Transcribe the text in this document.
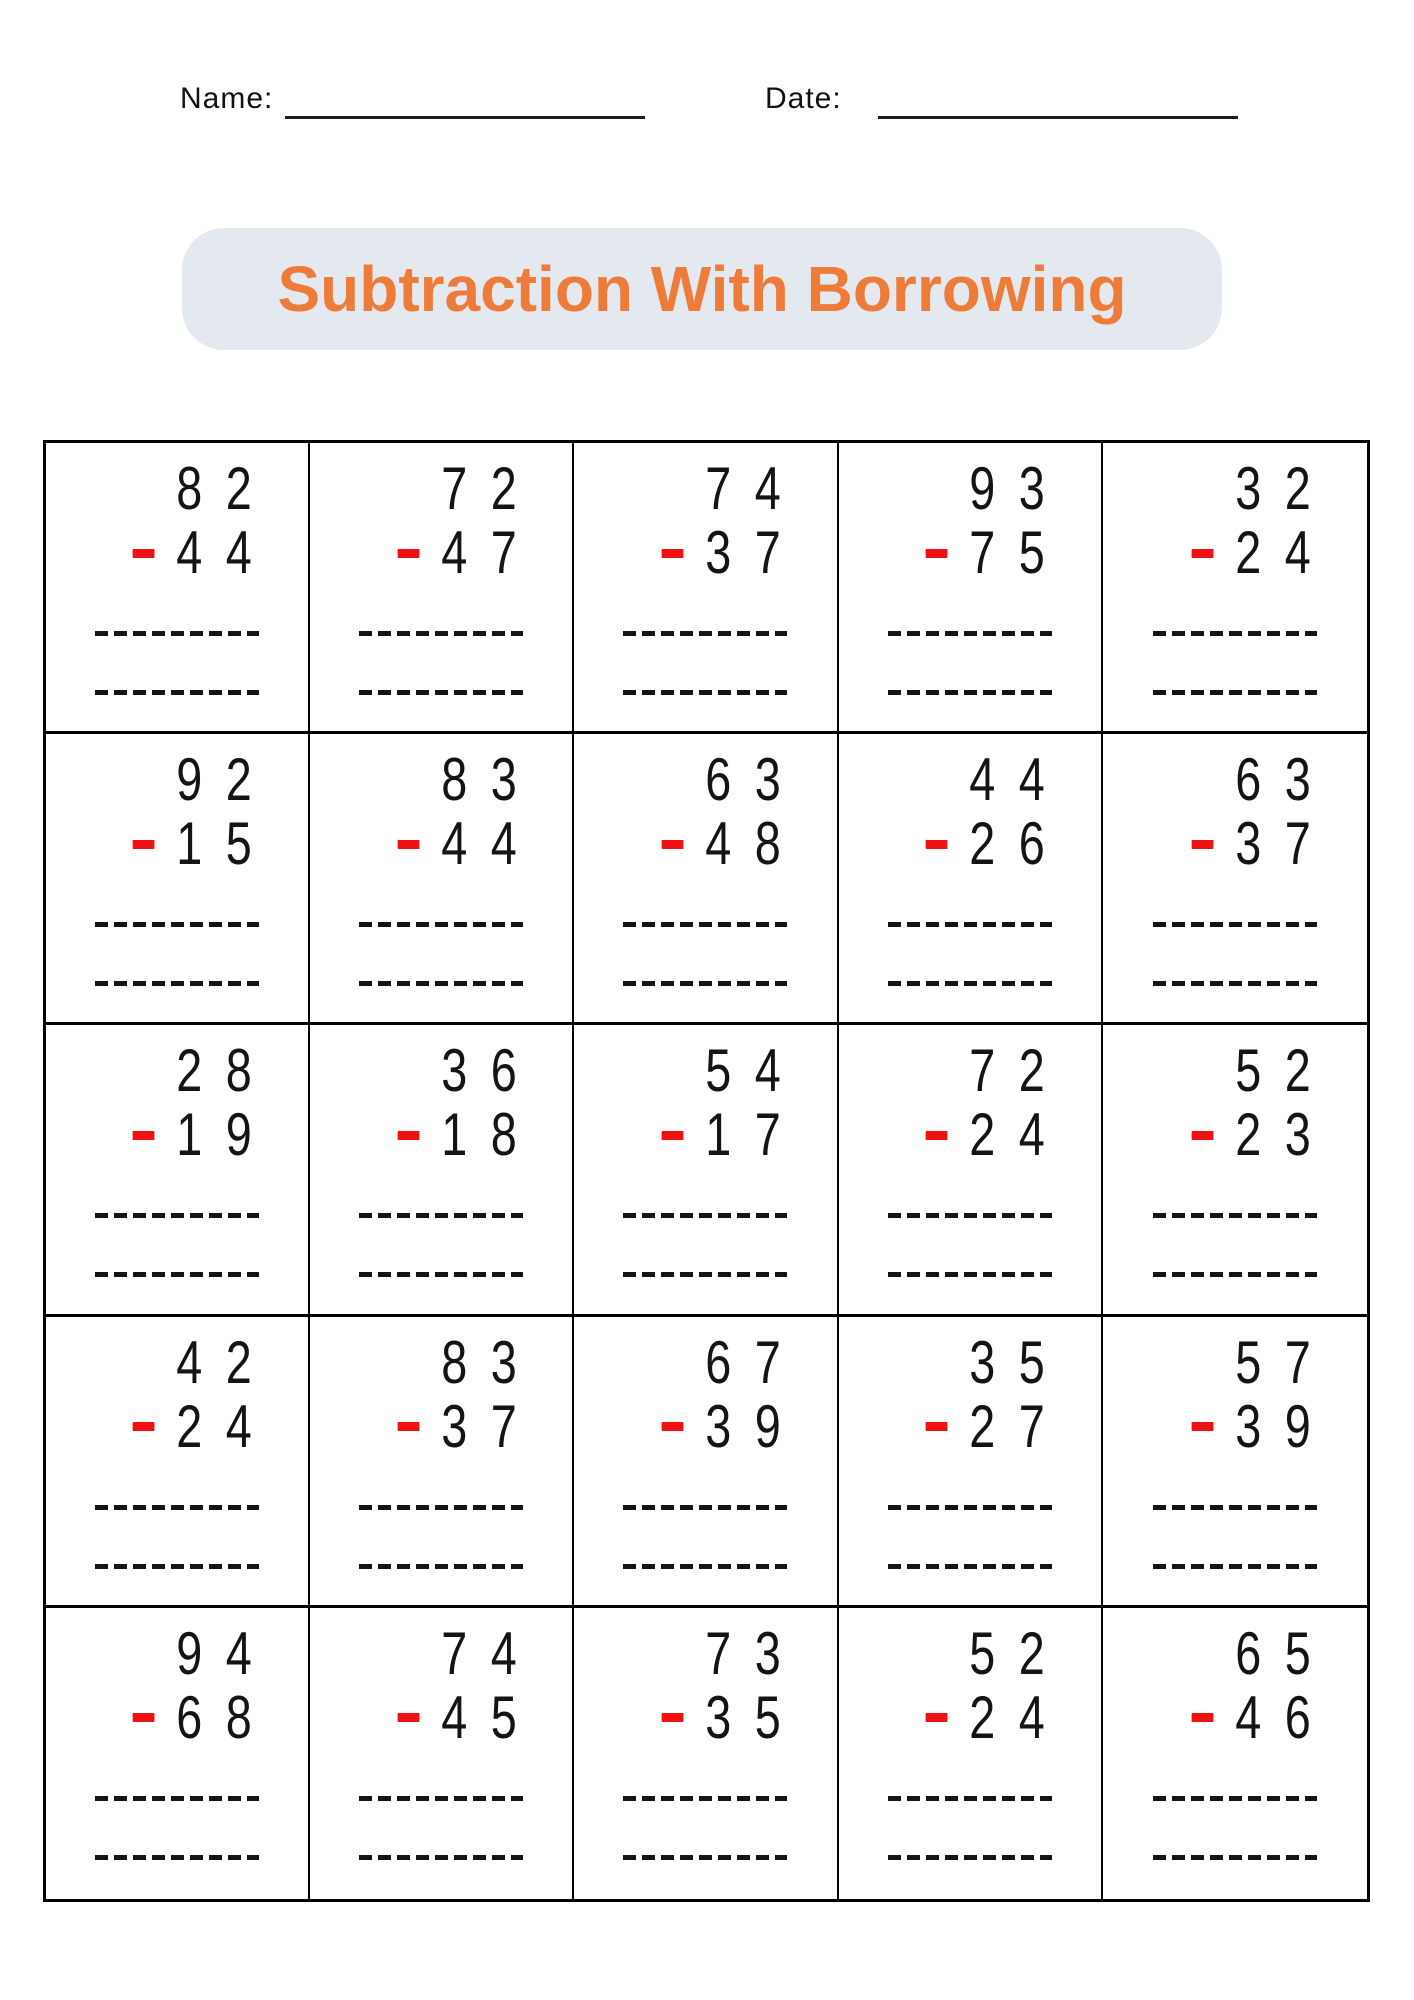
Name:	Date:
Subtraction With Borrowing
82
44
72
47
74
37
93
75
32
24
92
15
83
44
63
48
44
26
63
37
28
19
36
18
54
17
72
24
52
23
42
24
83
37
67
39
35
27
57
39
94
68
74
45
73
35
52
24
65
46
